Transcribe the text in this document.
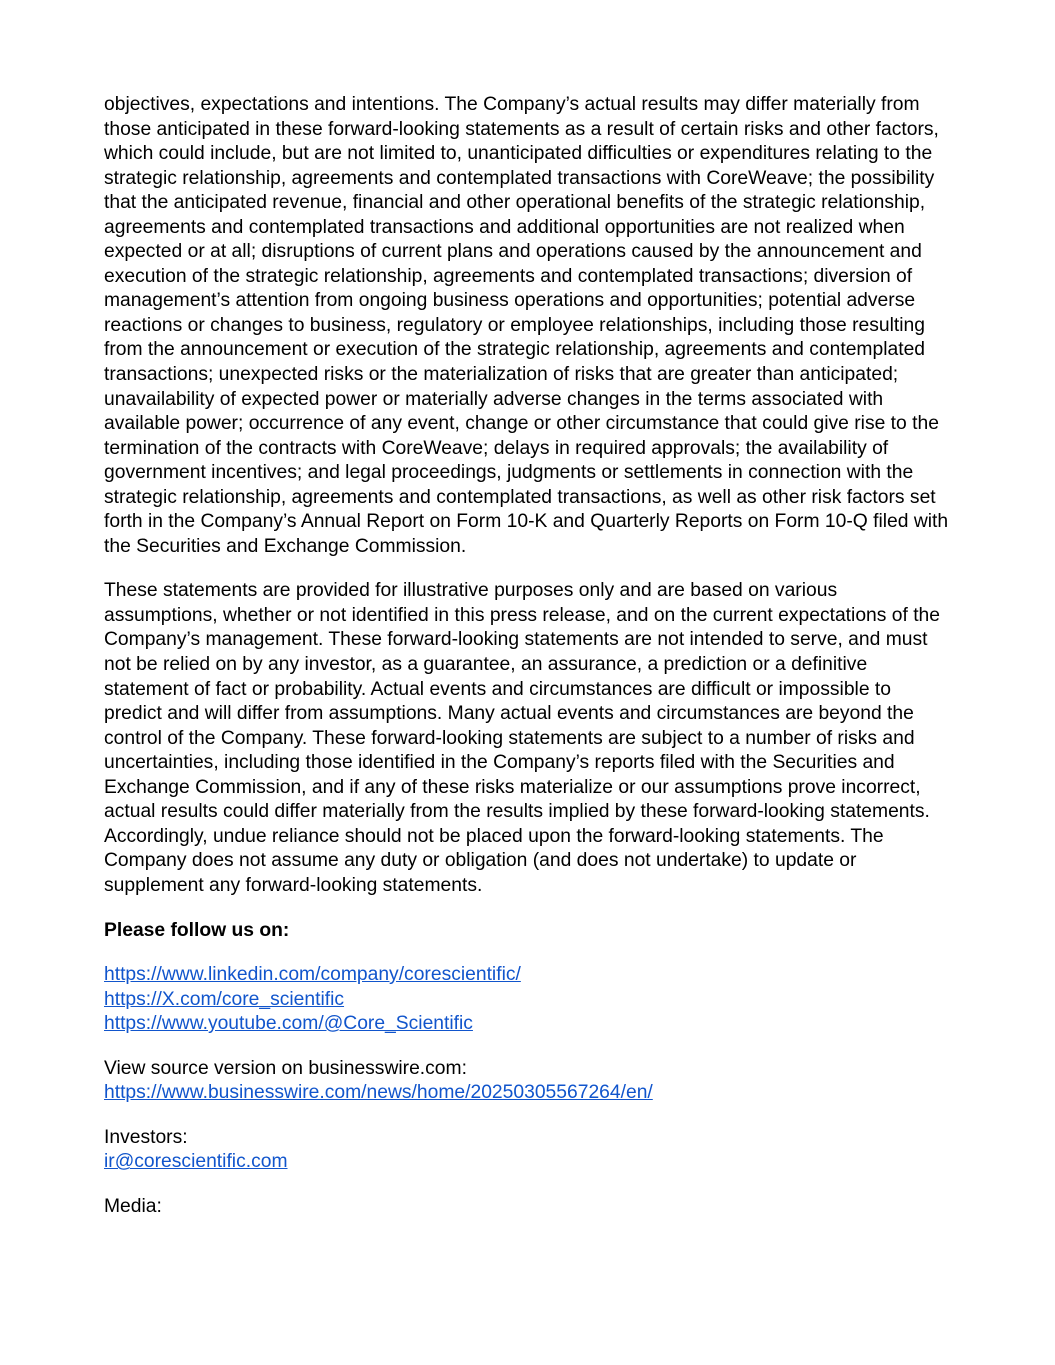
objectives, expectations and intentions. The Company’s actual results may differ materially from those anticipated in these forward-looking statements as a result of certain risks and other factors, which could include, but are not limited to, unanticipated difficulties or expenditures relating to the strategic relationship, agreements and contemplated transactions with CoreWeave; the possibility that the anticipated revenue, financial and other operational benefits of the strategic relationship, agreements and contemplated transactions and additional opportunities are not realized when expected or at all; disruptions of current plans and operations caused by the announcement and execution of the strategic relationship, agreements and contemplated transactions; diversion of management’s attention from ongoing business operations and opportunities; potential adverse reactions or changes to business, regulatory or employee relationships, including those resulting from the announcement or execution of the strategic relationship, agreements and contemplated transactions; unexpected risks or the materialization of risks that are greater than anticipated; unavailability of expected power or materially adverse changes in the terms associated with available power; occurrence of any event, change or other circumstance that could give rise to the termination of the contracts with CoreWeave; delays in required approvals; the availability of government incentives; and legal proceedings, judgments or settlements in connection with the strategic relationship, agreements and contemplated transactions, as well as other risk factors set forth in the Company’s Annual Report on Form 10-K and Quarterly Reports on Form 10-Q filed with the Securities and Exchange Commission.

These statements are provided for illustrative purposes only and are based on various assumptions, whether or not identified in this press release, and on the current expectations of the Company’s management. These forward-looking statements are not intended to serve, and must not be relied on by any investor, as a guarantee, an assurance, a prediction or a definitive statement of fact or probability. Actual events and circumstances are difficult or impossible to predict and will differ from assumptions. Many actual events and circumstances are beyond the control of the Company. These forward-looking statements are subject to a number of risks and uncertainties, including those identified in the Company’s reports filed with the Securities and Exchange Commission, and if any of these risks materialize or our assumptions prove incorrect, actual results could differ materially from the results implied by these forward-looking statements. Accordingly, undue reliance should not be placed upon the forward-looking statements. The Company does not assume any duty or obligation (and does not undertake) to update or supplement any forward-looking statements.

Please follow us on:

https://www.linkedin.com/company/corescientific/
https://X.com/core_scientific
https://www.youtube.com/@Core_Scientific
View source version on businesswire.com:
https://www.businesswire.com/news/home/20250305567264/en/
Investors:
ir@corescientific.com
Media:
